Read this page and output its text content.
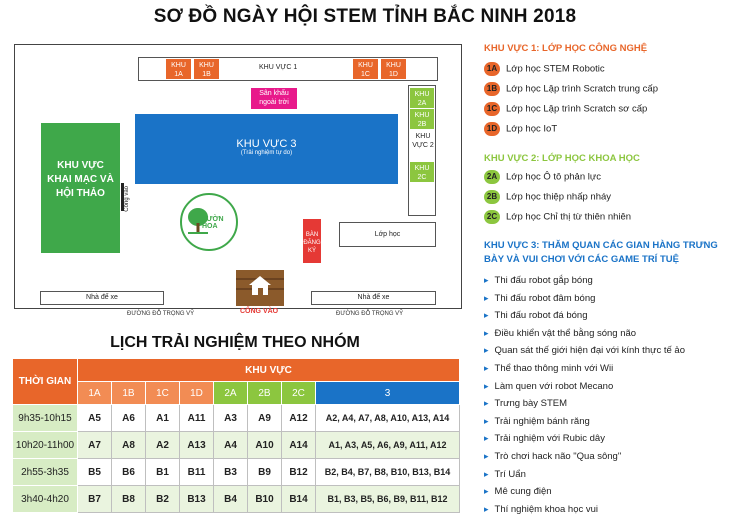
SƠ ĐỒ NGÀY HỘI STEM TỈNH BẮC NINH 2018
KHU VỰC 1
KHU 1A
KHU 1B
KHU 1C
KHU 1D
Sân khấu ngoài trời
KHU VỰC 3
(Trải nghiệm tự do)
KHU VỰC 2
KHU 2A
KHU 2B
KHU 2C
KHU VỰC KHAI MẠC VÀ HỘI THẢO	Cổng vào
VƯỜN HOA
BÀN ĐĂNG KÝ
Lớp học
Nhà để xe	Nhà để xe
CỔNG VÀO
ĐƯỜNG ĐỖ TRỌNG VỸ	ĐƯỜNG ĐỖ TRỌNG VỸ
LỊCH TRẢI NGHIỆM THEO NHÓM
THỜI GIAN	KHU VỰC							
	1A	1B	1C	1D	2A	2B	2C	3
9h35-10h15	A5	A6	A1	A11	A3	A9	A12	A2, A4, A7, A8, A10, A13, A14
10h20-11h00	A7	A8	A2	A13	A4	A10	A14	A1, A3, A5, A6, A9, A11, A12
2h55-3h35	B5	B6	B1	B11	B3	B9	B12	B2, B4, B7, B8, B10, B13, B14
3h40-4h20	B7	B8	B2	B13	B4	B10	B14	B1, B3, B5, B6, B9, B11, B12
KHU VỰC 1: LỚP HỌC CÔNG NGHỆ
1A Lớp học STEM Robotic
1B Lớp học Lập trình Scratch trung cấp
1C Lớp học Lập trình Scratch sơ cấp
1D Lớp học IoT
KHU VỰC 2: LỚP HỌC KHOA HỌC
2A Lớp học Ô tô phản lực
2B Lớp học thiệp nhấp nháy
2C Lớp học Chỉ thị từ thiên nhiên
KHU VỰC 3: THĂM QUAN CÁC GIAN HÀNG TRƯNG BÀY VÀ VUI CHƠI VỚI CÁC GAME TRÍ TUỆ
▸ Thi đấu robot gắp bóng
▸ Thi đấu robot đâm bóng
▸ Thi đấu robot đá bóng
▸ Điều khiển vật thể bằng sóng não
▸ Quan sát thế giới hiện đại với kính thực tế ảo
▸ Thể thao thông minh với Wii
▸ Làm quen với robot Mecano
▸ Trưng bày STEM
▸ Trải nghiệm bánh răng
▸ Trải nghiệm với Rubic dây
▸ Trò chơi hack não "Qua sông"
▸ Trí Uẩn
▸ Mê cung điện
▸ Thí nghiệm khoa học vui
